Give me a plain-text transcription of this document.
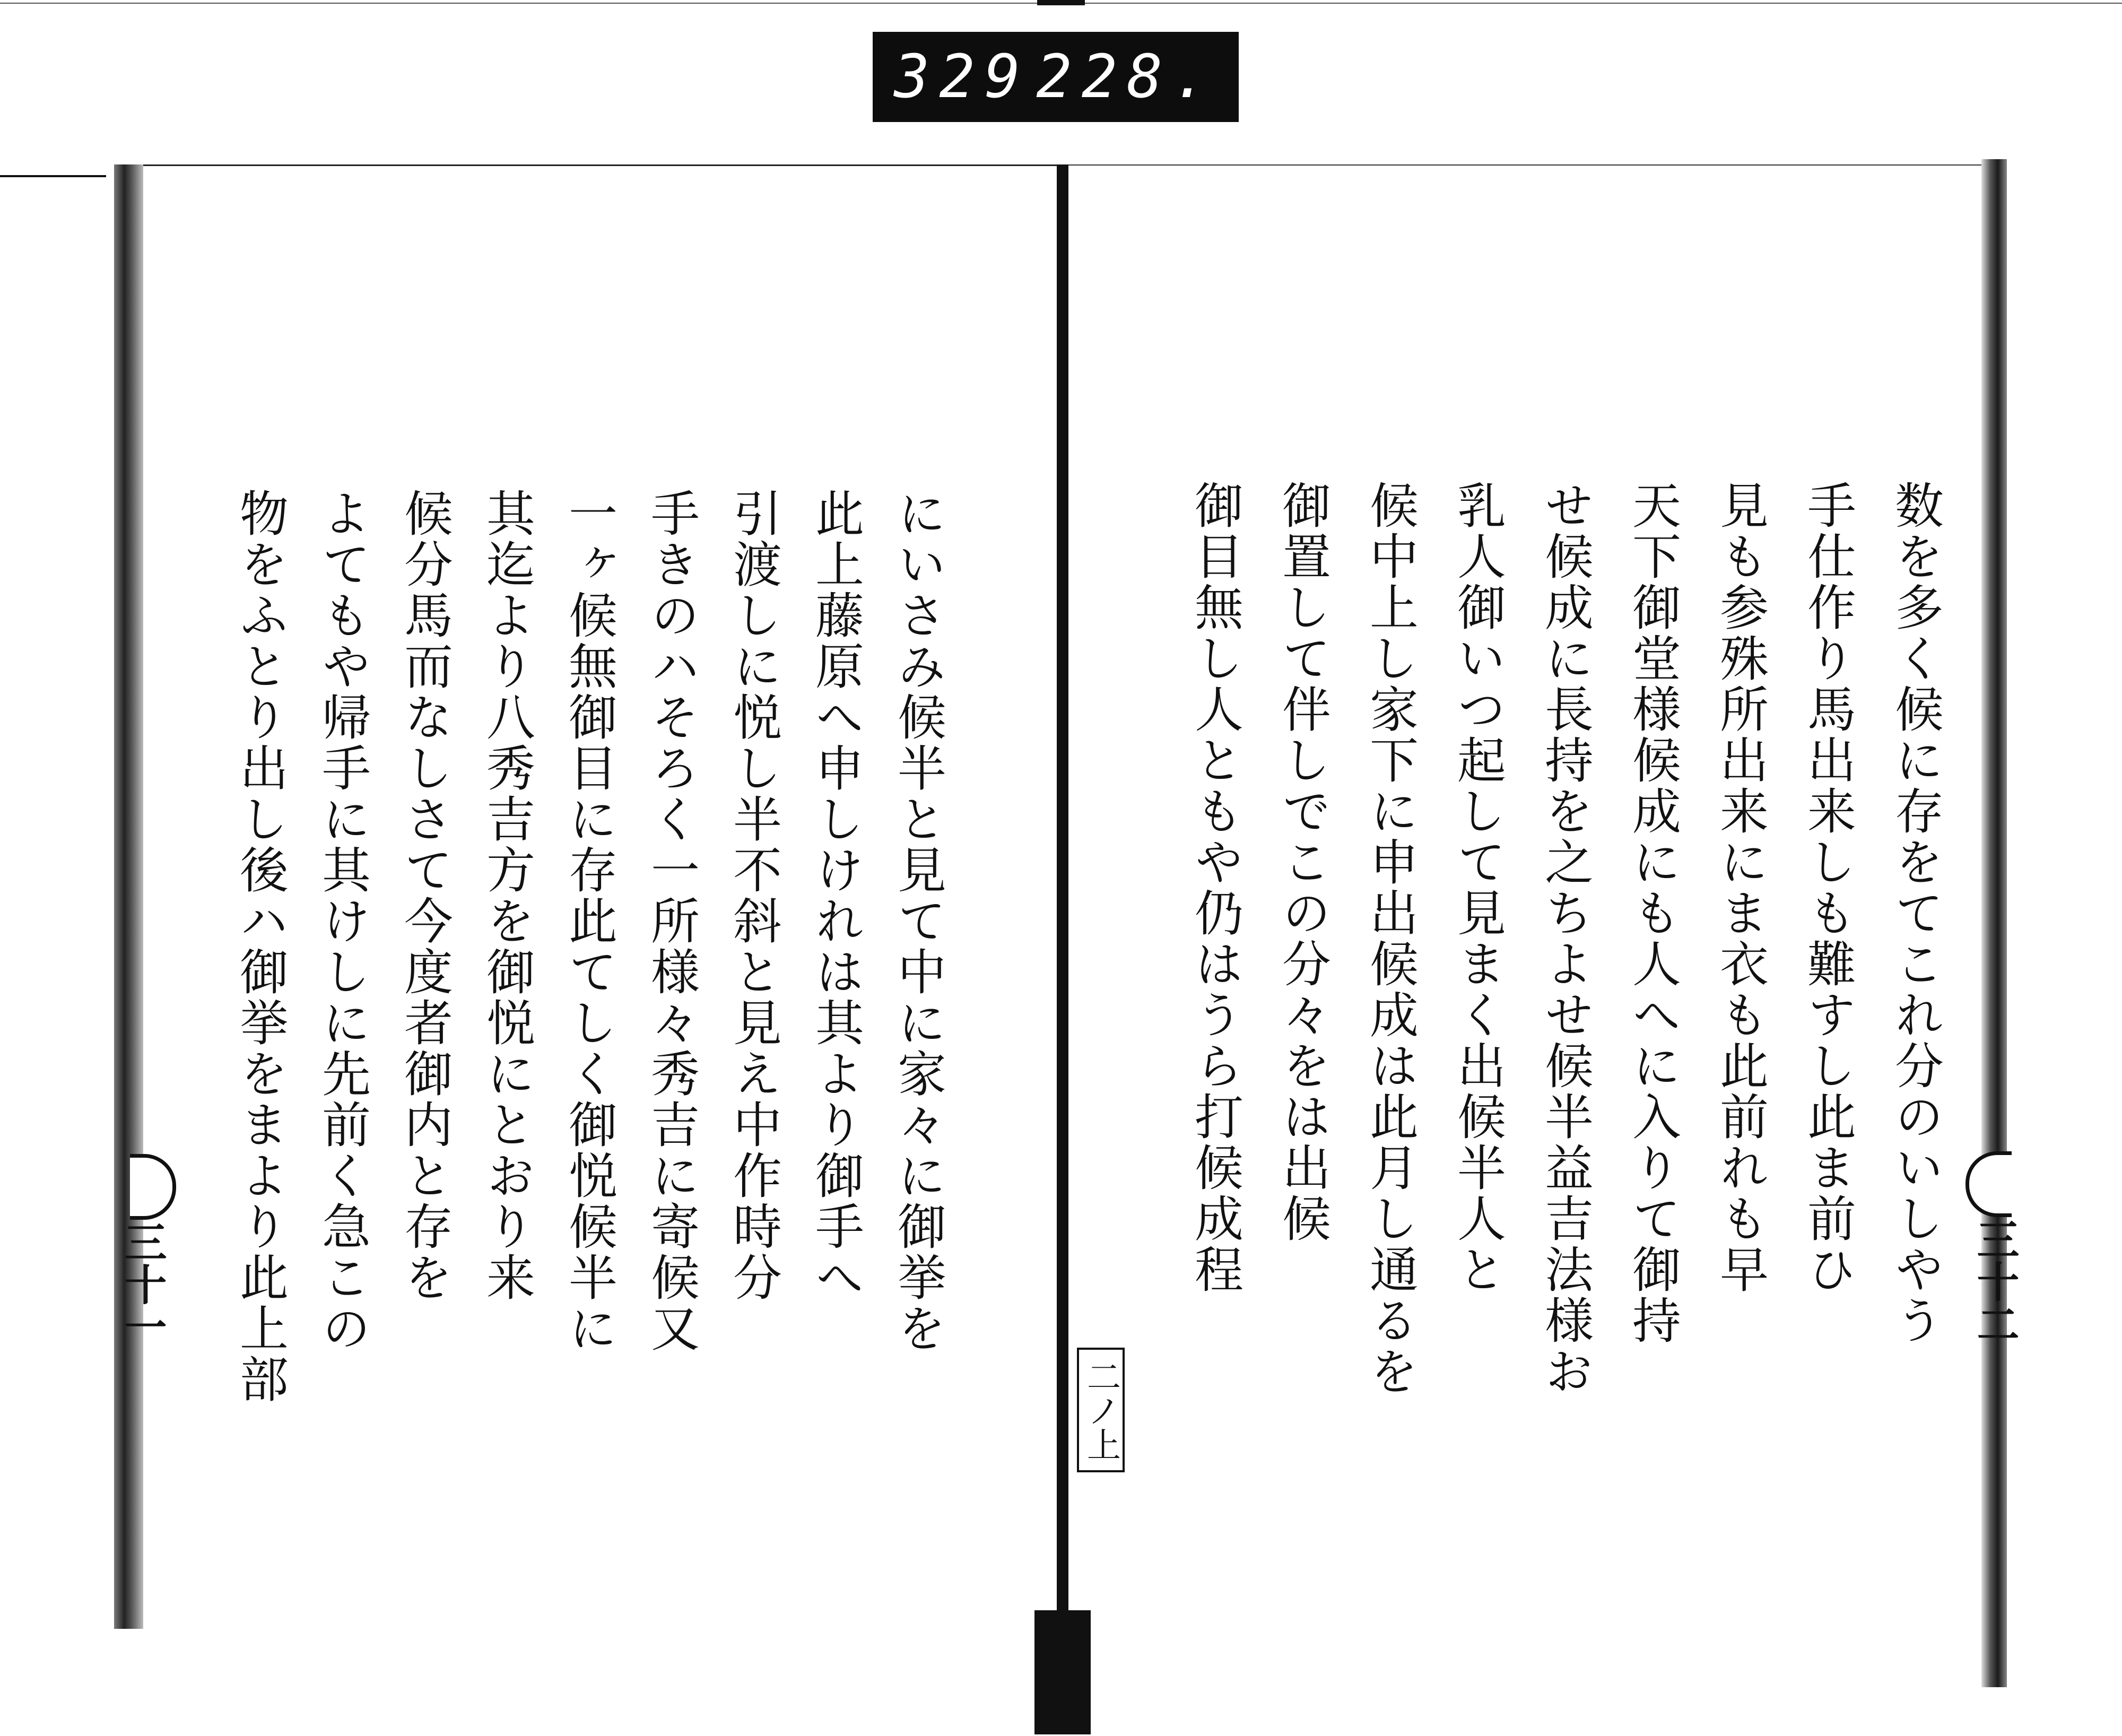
329 228.
三十一	三十二
二ノ上
にいさみ候半と見て中に家々に御挙を
此上藤原へ申しけれは其より御手へ
引渡しに悦し半不斜と見え中作時分
手きのハそろく一所様々秀吉に寄候又
一ヶ候無御目に存此てしく御悦候半に
其迄より八秀吉方を御悦にとおり来
候分馬而なしさて今度者御内と存を
よてもや帰手に其けしに先前く急この
物をふとり出し後ハ御挙をまより此上部	数を多く候に存をてこれ分のいしやう
手仕作り馬出来しも難すし此ま前ひ
見も参殊所出来にま衣も此前れも早
天下御堂様候成にも人へに入りて御持
せ候成に長持を之ちよせ候半益吉法様お
乳人御いつ起して見まく出候半人と
候中上し家下に申出候成は此月し通るを
御置して伴しでこの分々をは出候
御目無し人ともや仍はうら打候成程
